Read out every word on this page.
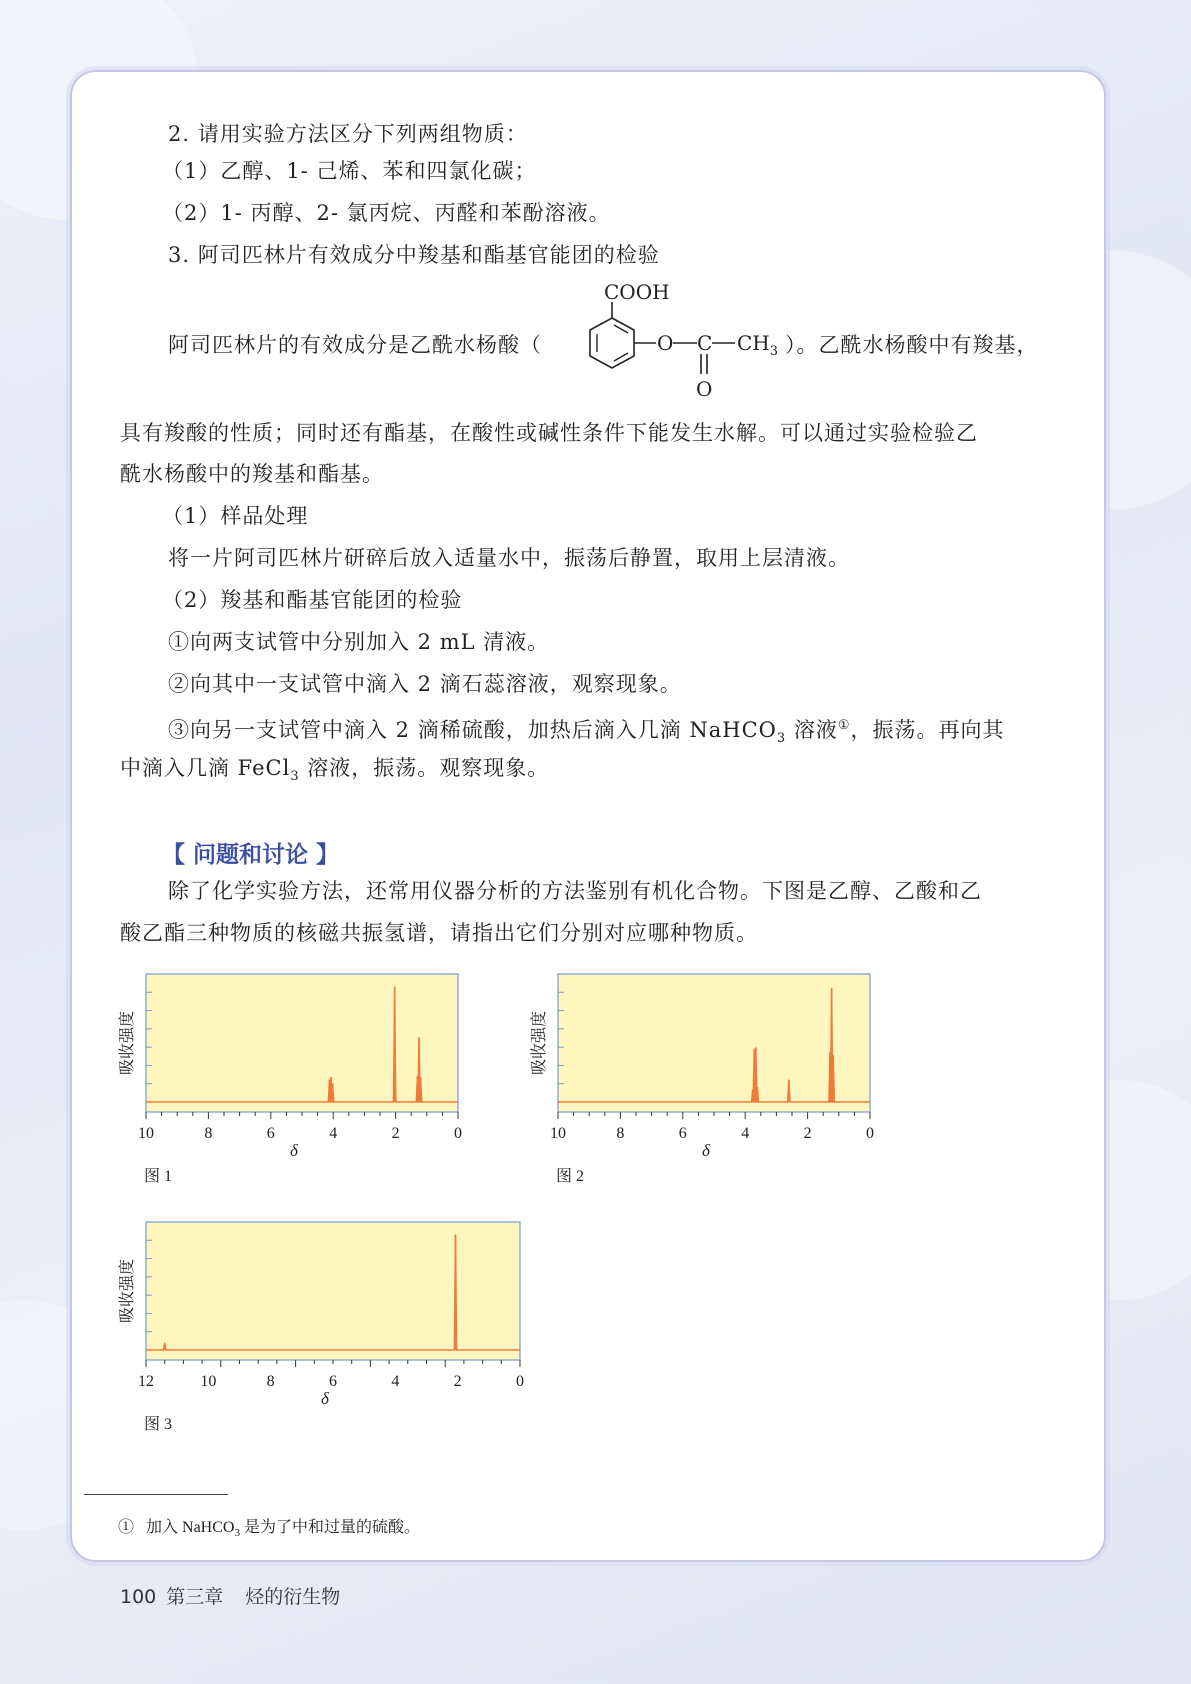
2. 请用实验方法区分下列两组物质：
（1）乙醇、1- 己烯、苯和四氯化碳；
（2）1- 丙醇、2- 氯丙烷、丙醛和苯酚溶液。
3. 阿司匹林片有效成分中羧基和酯基官能团的检验
阿司匹林片的有效成分是乙酰水杨酸（
COOH
O C $CH_3$
O
）。乙酰水杨酸中有羧基，
具有羧酸的性质；同时还有酯基，在酸性或碱性条件下能发生水解。可以通过实验检验乙
酰水杨酸中的羧基和酯基。
（1）样品处理
将一片阿司匹林片研碎后放入适量水中，振荡后静置，取用上层清液。
（2）羧基和酯基官能团的检验
①向两支试管中分别加入 2 mL 清液。
②向其中一支试管中滴入 2 滴石蕊溶液，观察现象。
③向另一支试管中滴入 2 滴稀硫酸，加热后滴入几滴 NaHCO$_3$ 溶液①，振荡。再向其
中滴入几滴 FeCl$_3$ 溶液，振荡。观察现象。
【 问题和讨论 】
除了化学实验方法，还常用仪器分析的方法鉴别有机化合物。下图是乙醇、乙酸和乙
酸乙酯三种物质的核磁共振氢谱，请指出它们分别对应哪种物质。
10	8	6	4	2	0
δ
吸收强度
10	8	6	4	2	0
δ
吸收强度
12	10	8	6	4	2	0
δ
吸收强度
图 1	图 2
图 3
① 加入 NaHCO$_3$ 是为了中和过量的硫酸。
100 第三章 烃的衍生物
